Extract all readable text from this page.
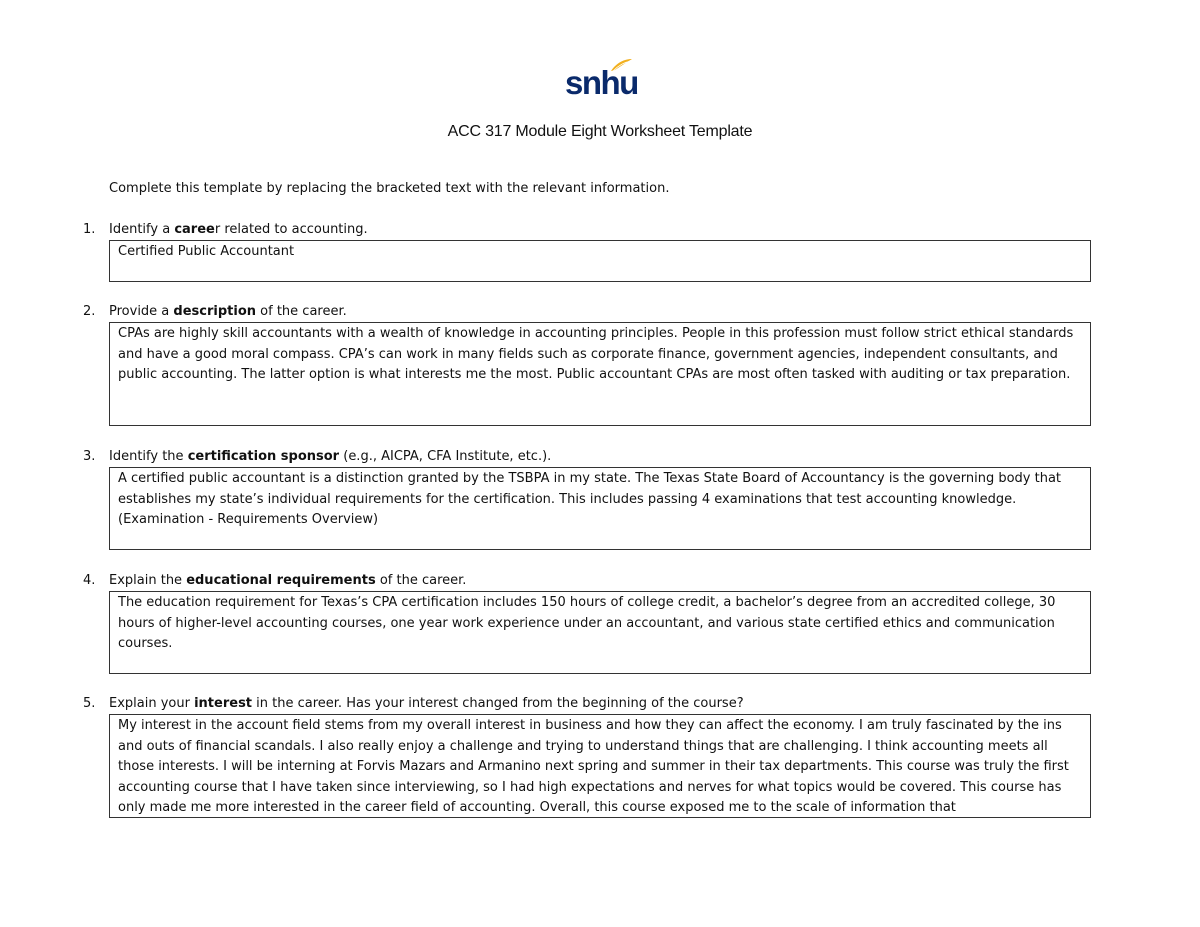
snhu
ACC 317 Module Eight Worksheet Template
Complete this template by replacing the bracketed text with the relevant information.
1. Identify a career related to accounting.
Certified Public Accountant
2. Provide a description of the career.
CPAs are highly skill accountants with a wealth of knowledge in accounting principles. People in this profession must follow strict ethical standards and have a good moral compass. CPA’s can work in many fields such as corporate finance, government agencies, independent consultants, and public accounting. The latter option is what interests me the most. Public accountant CPAs are most often tasked with auditing or tax preparation.
3. Identify the certification sponsor (e.g., AICPA, CFA Institute, etc.).
A certified public accountant is a distinction granted by the TSBPA in my state. The Texas State Board of Accountancy is the governing body that establishes my state’s individual requirements for the certification. This includes passing 4 examinations that test accounting knowledge. (Examination - Requirements Overview)
4. Explain the educational requirements of the career.
The education requirement for Texas’s CPA certification includes 150 hours of college credit, a bachelor’s degree from an accredited college, 30 hours of higher-level accounting courses, one year work experience under an accountant, and various state certified ethics and communication courses.
5. Explain your interest in the career. Has your interest changed from the beginning of the course?
My interest in the account field stems from my overall interest in business and how they can affect the economy. I am truly fascinated by the ins and outs of financial scandals. I also really enjoy a challenge and trying to understand things that are challenging. I think accounting meets all those interests. I will be interning at Forvis Mazars and Armanino next spring and summer in their tax departments. This course was truly the first accounting course that I have taken since interviewing, so I had high expectations and nerves for what topics would be covered. This course has only made me more interested in the career field of accounting. Overall, this course exposed me to the scale of information that
